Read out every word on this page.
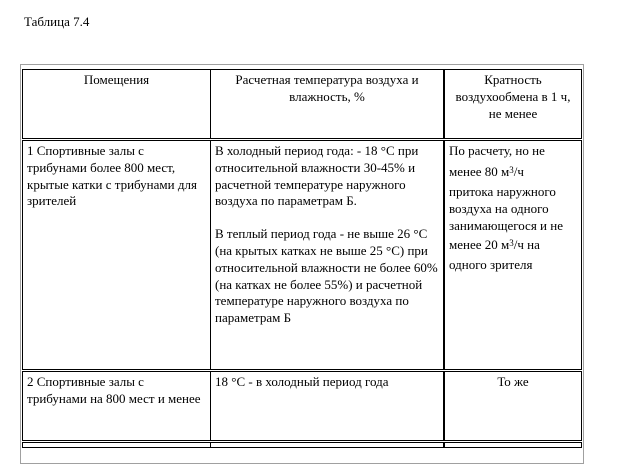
Таблица 7.4
Помещения	Расчетная температура воздуха и влажность, %
Кратность воздухообмена в 1 ч, не менее
1 Спортивные залы с трибунами более 800 мест, крытые катки с трибунами для зрителей

В холодный период года: - 18 °С при относительной влажности 30-45% и расчетной температуре наружного воздуха по параметрам Б.

В теплый период года - не выше 26 °С (на крытых катках не выше 25 °С) при относительной влажности не более 60% (на катках не более 55%) и расчетной температуре наружного воздуха по параметрам Б

По расчету, но не
менее 80 $м^3/ч$
притока наружного воздуха на одного занимающегося и не
менее 20 $м^3/ч$ на
одного зрителя
2 Спортивные залы с трибунами на 800 мест и менее
18 °С - в холодный период года	То же
